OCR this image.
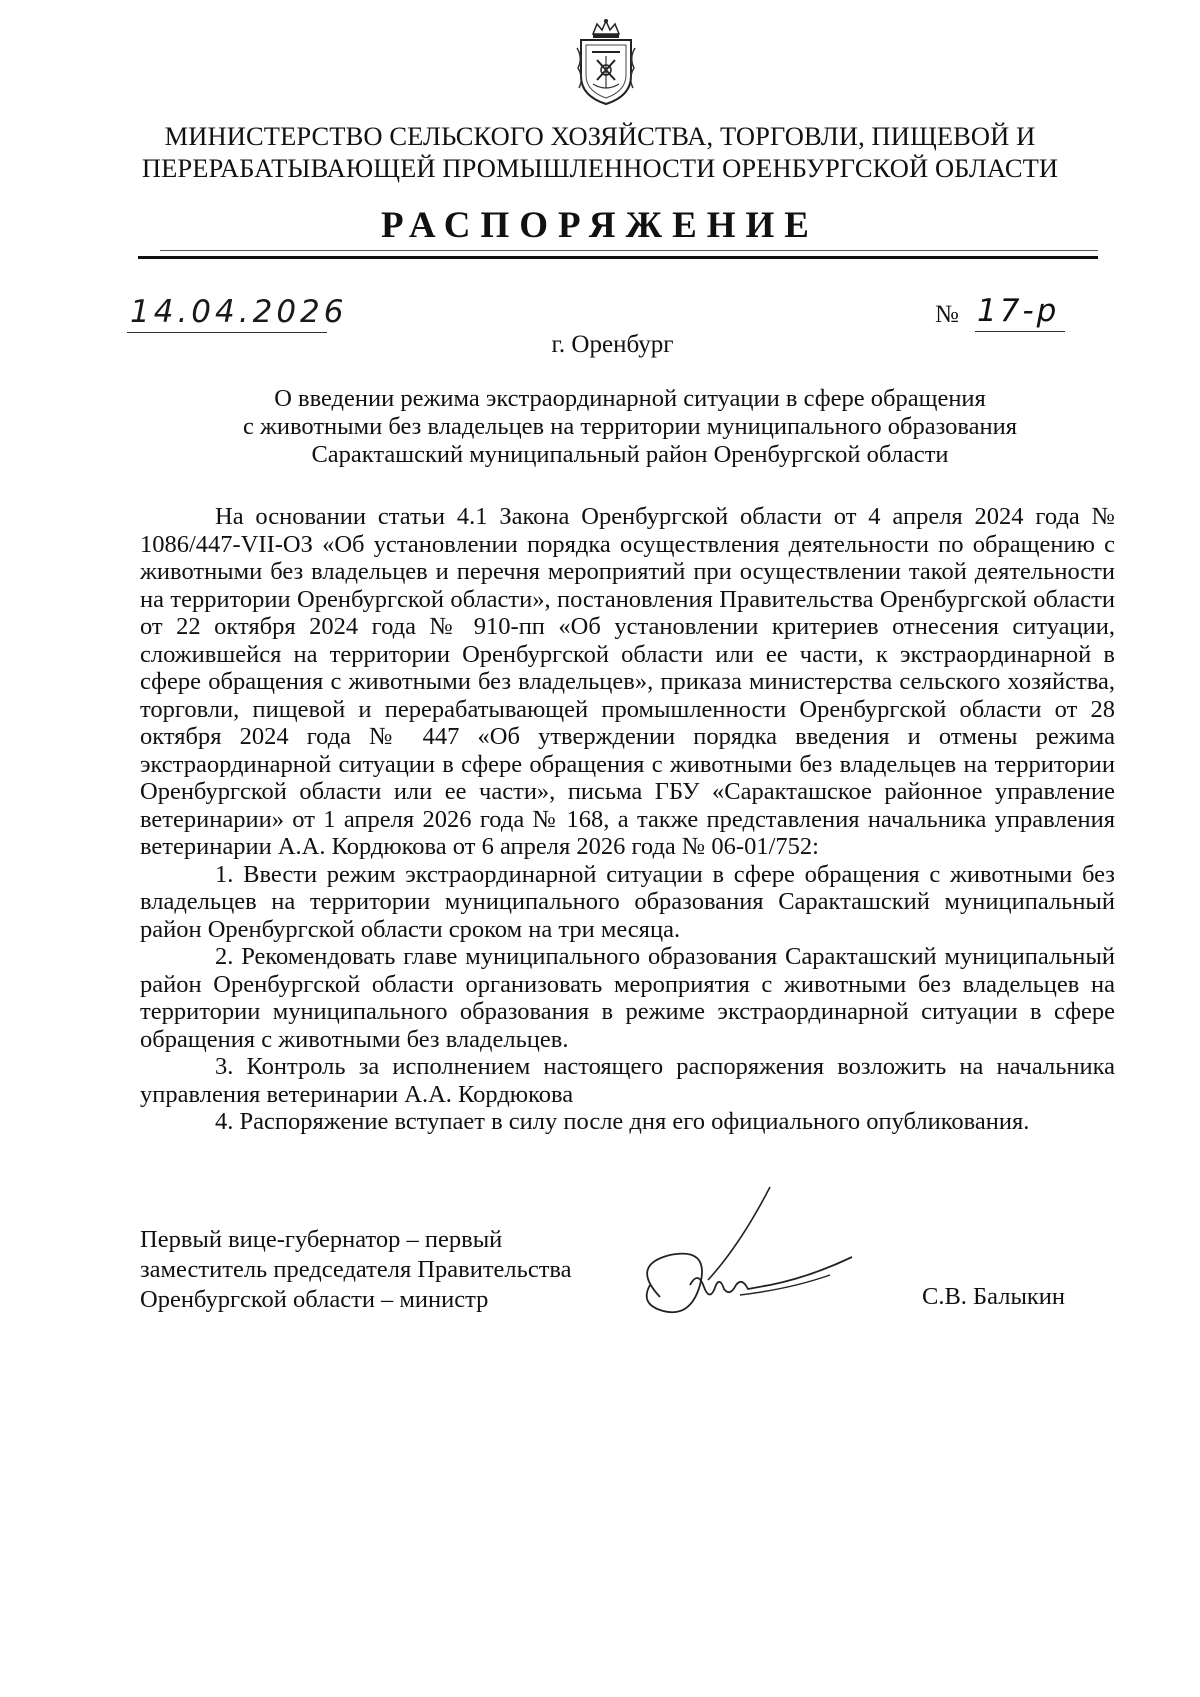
МИНИСТЕРСТВО СЕЛЬСКОГО ХОЗЯЙСТВА, ТОРГОВЛИ, ПИЩЕВОЙ И
ПЕРЕРАБАТЫВАЮЩЕЙ ПРОМЫШЛЕННОСТИ ОРЕНБУРГСКОЙ ОБЛАСТИ
РАСПОРЯЖЕНИЕ
14.04.2026	№ 17-р
г. Оренбург
О введении режима экстраординарной ситуации в сфере обращения
с животными без владельцев на территории муниципального образования
Саракташский муниципальный район Оренбургской области

На основании статьи 4.1 Закона Оренбургской области от 4 апреля 2024 года № 1086/447-VII-ОЗ «Об установлении порядка осуществления деятельности по обращению с животными без владельцев и перечня мероприятий при осуществлении такой деятельности на территории Оренбургской области», постановления Правительства Оренбургской области от 22 октября 2024 года № 910-пп «Об установлении критериев отнесения ситуации, сложившейся на территории Оренбургской области или ее части, к экстраординарной в сфере обращения с животными без владельцев», приказа министерства сельского хозяйства, торговли, пищевой и перерабатывающей промышленности Оренбургской области от 28 октября 2024 года № 447 «Об утверждении порядка введения и отмены режима экстраординарной ситуации в сфере обращения с животными без владельцев на территории Оренбургской области или ее части», письма ГБУ «Саракташское районное управление ветеринарии» от 1 апреля 2026 года № 168, а также представления начальника управления ветеринарии А.А. Кордюкова от 6 апреля 2026 года № 06-01/752:

1. Ввести режим экстраординарной ситуации в сфере обращения с животными без владельцев на территории муниципального образования Саракташский муниципальный район Оренбургской области сроком на три месяца.

2. Рекомендовать главе муниципального образования Саракташский муниципальный район Оренбургской области организовать мероприятия с животными без владельцев на территории муниципального образования в режиме экстраординарной ситуации в сфере обращения с животными без владельцев.

3. Контроль за исполнением настоящего распоряжения возложить на начальника управления ветеринарии А.А. Кордюкова

4. Распоряжение вступает в силу после дня его официального опубликования.

Первый вице-губернатор – первый
заместитель председателя Правительства
Оренбургской области – министр	С.В. Балыкин
